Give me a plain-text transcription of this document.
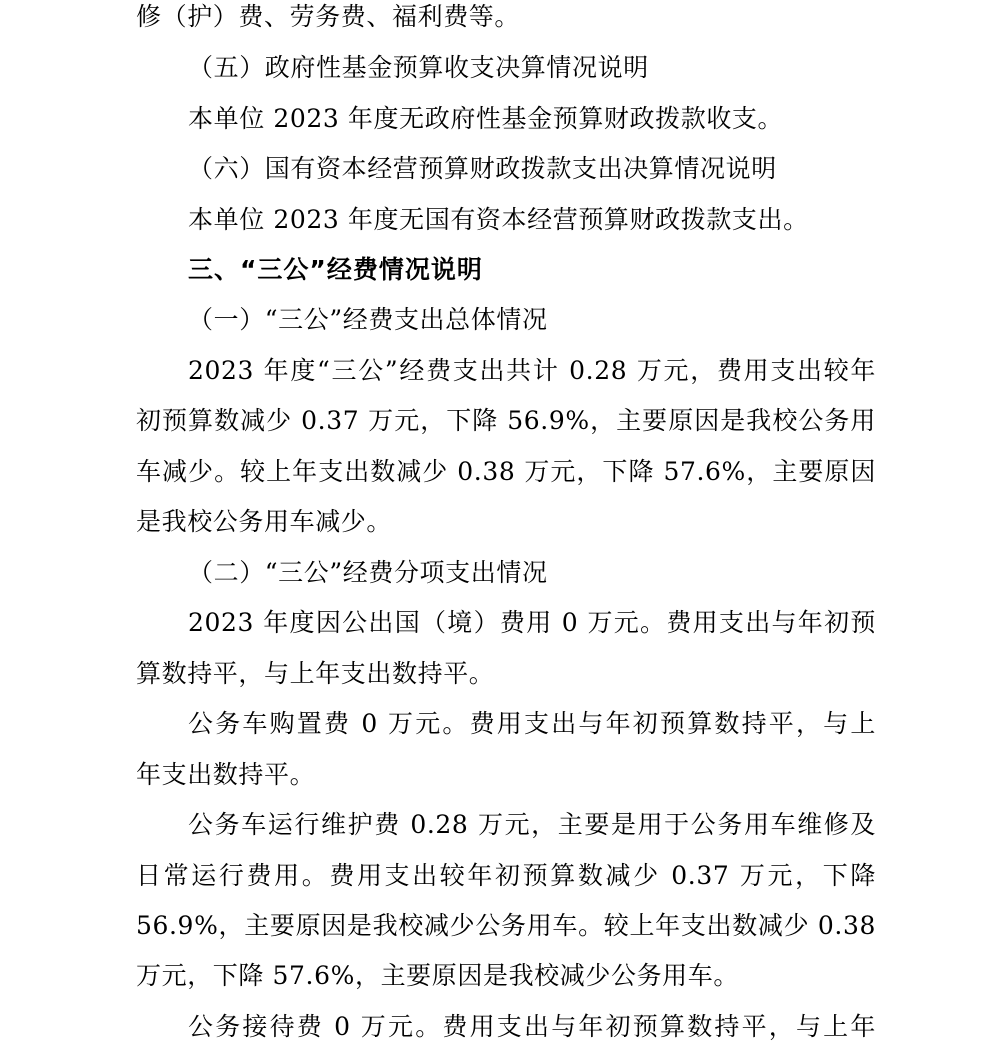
修（护）费、劳务费、福利费等。
（五）政府性基金预算收支决算情况说明
本单位 2023 年度无政府性基金预算财政拨款收支。
（六）国有资本经营预算财政拨款支出决算情况说明
本单位 2023 年度无国有资本经营预算财政拨款支出。
三、“三公”经费情况说明
（一）“三公”经费支出总体情况
2023 年度“三公”经费支出共计 0.28 万元，费用支出较年
初预算数减少 0.37 万元，下降 56.9%，主要原因是我校公务用
车减少。较上年支出数减少 0.38 万元，下降 57.6%，主要原因
是我校公务用车减少。
（二）“三公”经费分项支出情况
2023 年度因公出国（境）费用 0 万元。费用支出与年初预
算数持平，与上年支出数持平。
公务车购置费 0 万元。费用支出与年初预算数持平，与上
年支出数持平。
公务车运行维护费 0.28 万元，主要是用于公务用车维修及
日常运行费用。费用支出较年初预算数减少 0.37 万元，下降
56.9%，主要原因是我校减少公务用车。较上年支出数减少 0.38
万元，下降 57.6%，主要原因是我校减少公务用车。
公务接待费 0 万元。费用支出与年初预算数持平，与上年
